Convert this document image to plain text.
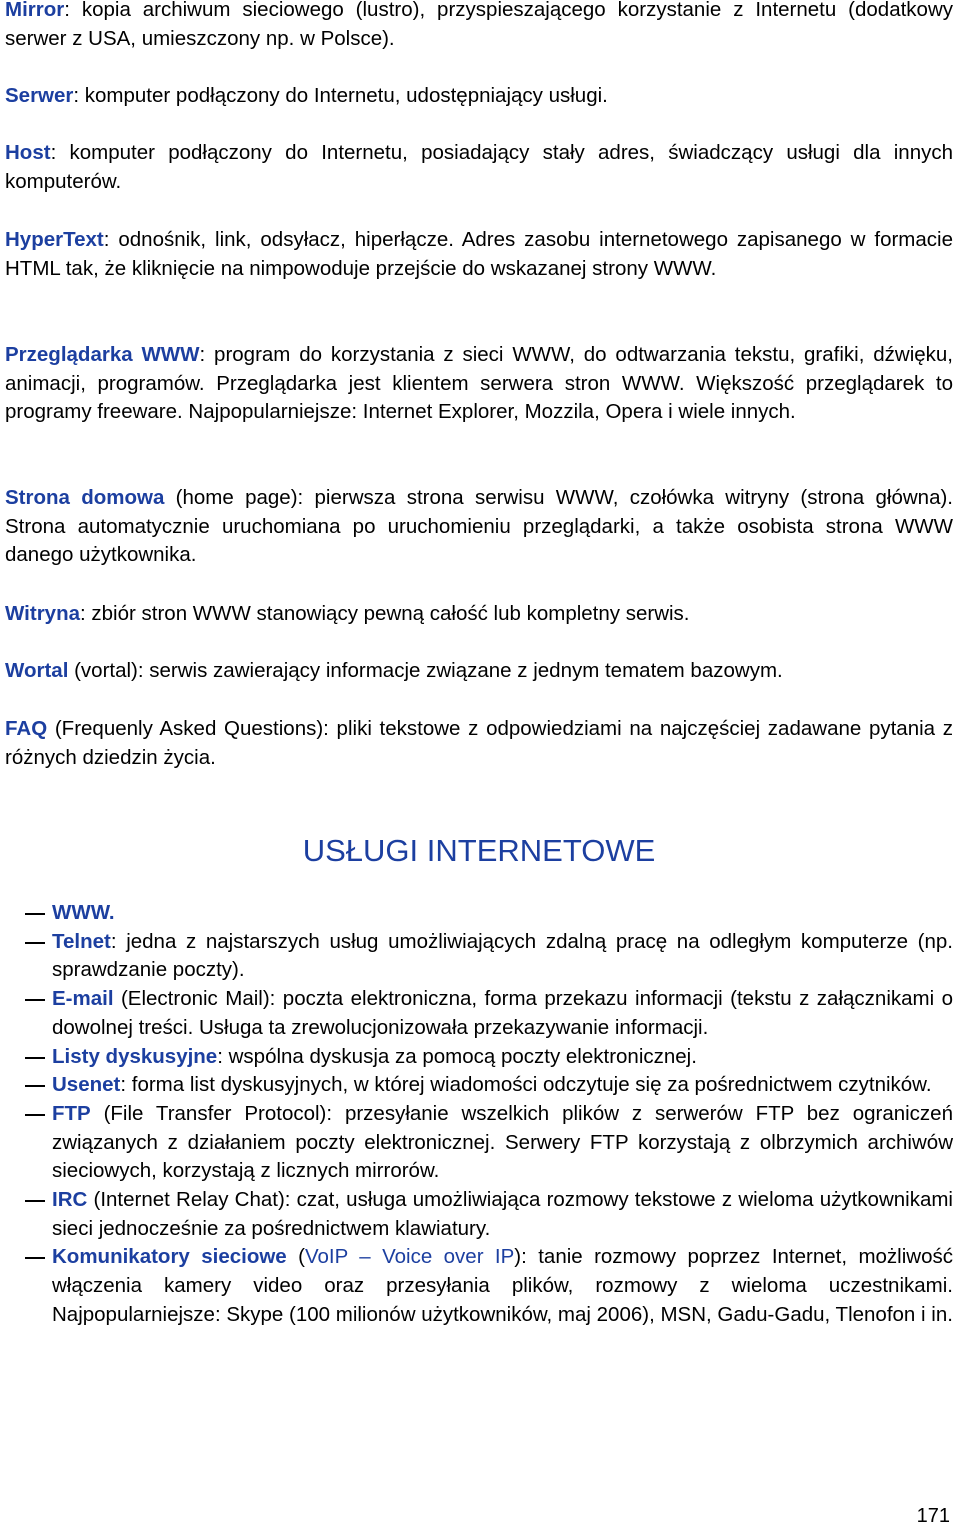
Mirror: kopia archiwum sieciowego (lustro), przyspieszającego korzystanie z Internetu (dodatkowy serwer z USA, umieszczony np. w Polsce).

Serwer: komputer podłączony do Internetu, udostępniający usługi.

Host: komputer podłączony do Internetu, posiadający stały adres, świadczący usługi dla innych komputerów.

HyperText: odnośnik, link, odsyłacz, hiperłącze. Adres zasobu internetowego zapisanego w formacie HTML tak, że kliknięcie na nimpowoduje przejście do wskazanej strony WWW.

Przeglądarka WWW: program do korzystania z sieci WWW, do odtwarzania tekstu, grafiki, dźwięku, animacji, programów. Przeglądarka jest klientem serwera stron WWW. Większość przeglądarek to programy freeware. Najpopularniejsze: Internet Explorer, Mozzila, Opera i wiele innych.

Strona domowa (home page): pierwsza strona serwisu WWW, czołówka witryny (strona główna). Strona automatycznie uruchomiana po uruchomieniu przeglądarki, a także osobista strona WWW danego użytkownika.

Witryna: zbiór stron WWW stanowiący pewną całość lub kompletny serwis.

Wortal (vortal): serwis zawierający informacje związane z jednym tematem bazowym.

FAQ (Frequenly Asked Questions): pliki tekstowe z odpowiedziami na najczęściej zadawane pytania z różnych dziedzin życia.

USŁUGI INTERNETOWE
WWW.
Telnet: jedna z najstarszych usług umożliwiających zdalną pracę na odległym komputerze (np. sprawdzanie poczty).
E-mail (Electronic Mail): poczta elektroniczna, forma przekazu informacji (tekstu z załącznikami o dowolnej treści. Usługa ta zrewolucjonizowała przekazywanie informacji.
Listy dyskusyjne: wspólna dyskusja za pomocą poczty elektronicznej.
Usenet: forma list dyskusyjnych, w której wiadomości odczytuje się za pośrednictwem czytników.
FTP (File Transfer Protocol): przesyłanie wszelkich plików z serwerów FTP bez ograniczeń związanych z działaniem poczty elektronicznej. Serwery FTP korzystają z olbrzymich archiwów sieciowych, korzystają z licznych mirrorów.
IRC (Internet Relay Chat): czat, usługa umożliwiająca rozmowy tekstowe z wieloma użytkownikami sieci jednocześnie za pośrednictwem klawiatury.
Komunikatory sieciowe (VoIP – Voice over IP): tanie rozmowy poprzez Internet, możliwość włączenia kamery video oraz przesyłania plików, rozmowy z wieloma uczestnikami. Najpopularniejsze: Skype (100 milionów użytkowników, maj 2006), MSN, Gadu-Gadu, Tlenofon i in.
171
